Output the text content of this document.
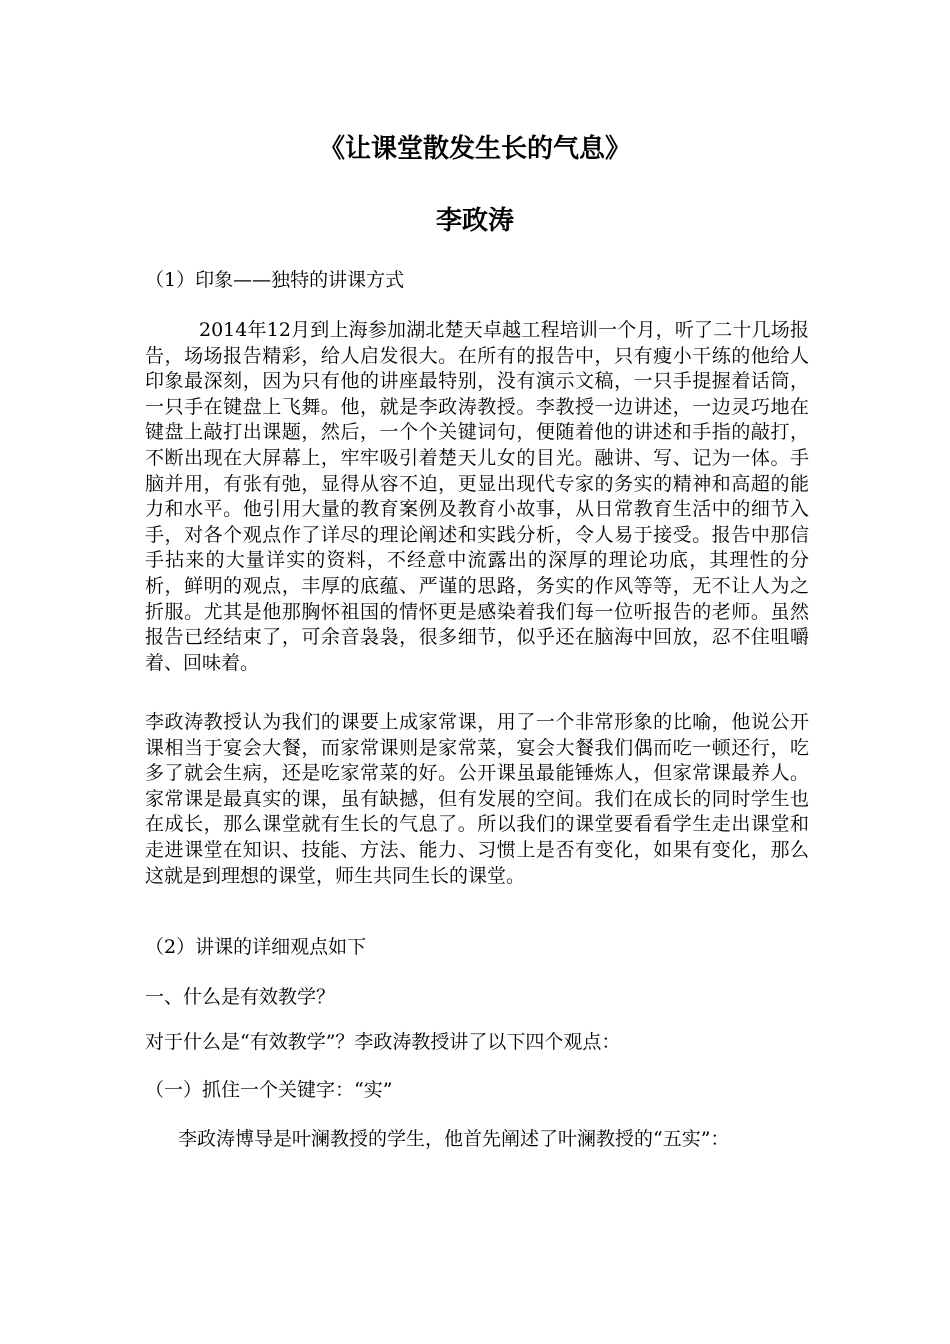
《让课堂散发生长的气息》
李政涛

（1）印象——独特的讲课方式

2014年12月到上海参加湖北楚天卓越工程培训一个月，听了二十几场报告，场场报告精彩，给人启发很大。在所有的报告中，只有瘦小干练的他给人印象最深刻，因为只有他的讲座最特别，没有演示文稿，一只手提握着话筒，一只手在键盘上飞舞。他，就是李政涛教授。李教授一边讲述，一边灵巧地在键盘上敲打出课题，然后，一个个关键词句，便随着他的讲述和手指的敲打，不断出现在大屏幕上，牢牢吸引着楚天儿女的目光。融讲、写、记为一体。手脑并用，有张有弛，显得从容不迫，更显出现代专家的务实的精神和高超的能力和水平。他引用大量的教育案例及教育小故事，从日常教育生活中的细节入手，对各个观点作了详尽的理论阐述和实践分析，令人易于接受。报告中那信手拈来的大量详实的资料，不经意中流露出的深厚的理论功底，其理性的分析，鲜明的观点，丰厚的底蕴、严谨的思路，务实的作风等等，无不让人为之折服。尤其是他那胸怀祖国的情怀更是感染着我们每一位听报告的老师。虽然报告已经结束了，可余音袅袅，很多细节，似乎还在脑海中回放，忍不住咀嚼着、回味着。

李政涛教授认为我们的课要上成家常课，用了一个非常形象的比喻，他说公开课相当于宴会大餐，而家常课则是家常菜，宴会大餐我们偶而吃一顿还行，吃多了就会生病，还是吃家常菜的好。公开课虽最能锤炼人，但家常课最养人。家常课是最真实的课，虽有缺撼，但有发展的空间。我们在成长的同时学生也在成长，那么课堂就有生长的气息了。所以我们的课堂要看看学生走出课堂和走进课堂在知识、技能、方法、能力、习惯上是否有变化，如果有变化，那么这就是到理想的课堂，师生共同生长的课堂。

（2）讲课的详细观点如下

一、什么是有效教学？

对于什么是“有效教学”？李政涛教授讲了以下四个观点：

（一）抓住一个关键字：“实”

李政涛博导是叶澜教授的学生，他首先阐述了叶澜教授的“五实”：
